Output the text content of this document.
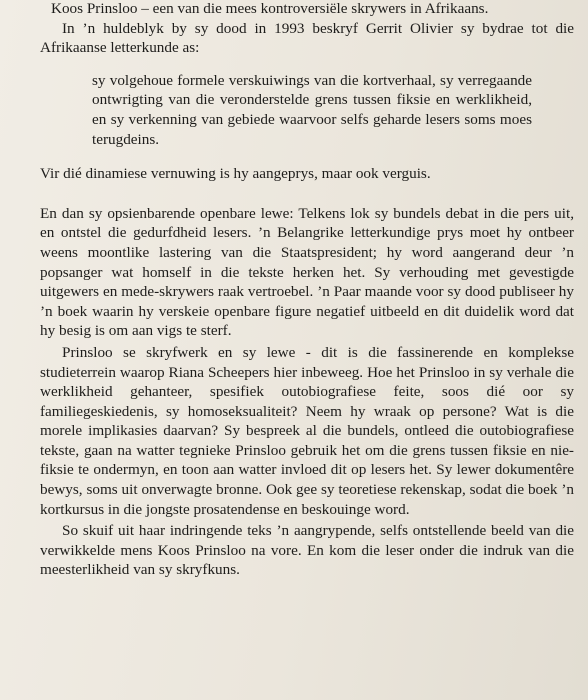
Koos Prinsloo – een van die mees kontroversiële skrywers in Afrikaans.

In ’n huldeblyk by sy dood in 1993 beskryf Gerrit Olivier sy bydrae tot die Afrikaanse letterkunde as:

sy volgehoue formele verskuiwings van die kortverhaal, sy verregaande ontwrigting van die veronderstelde grens tussen fiksie en werklikheid, en sy verkenning van gebiede waarvoor selfs geharde lesers soms moes terugdeins.

Vir dié dinamiese vernuwing is hy aangeprys, maar ook verguis.

En dan sy opsienbarende openbare lewe: Telkens lok sy bundels debat in die pers uit, en ontstel die gedurfdheid lesers. ’n Belangrike letterkundige prys moet hy ontbeer weens moontlike lastering van die Staatspresident; hy word aangerand deur ’n popsanger wat homself in die tekste herken het. Sy verhouding met gevestigde uitgewers en mede-skrywers raak vertroebel. ’n Paar maande voor sy dood publiseer hy ’n boek waarin hy verskeie openbare figure negatief uitbeeld en dit duidelik word dat hy besig is om aan vigs te sterf.

Prinsloo se skryfwerk en sy lewe - dit is die fassinerende en komplekse studieterrein waarop Riana Scheepers hier inbeweeg. Hoe het Prinsloo in sy verhale die werklikheid gehanteer, spesifiek outobiografiese feite, soos dié oor sy familiegeskiedenis, sy homoseksualiteit? Neem hy wraak op persone? Wat is die morele implikasies daarvan? Sy bespreek al die bundels, ontleed die outobiografiese tekste, gaan na watter tegnieke Prinsloo gebruik het om die grens tussen fiksie en nie-fiksie te ondermyn, en toon aan watter invloed dit op lesers het. Sy lewer dokumentêre bewys, soms uit onverwagte bronne. Ook gee sy teoretiese rekenskap, sodat die boek ’n kortkursus in die jongste prosatendense en beskouinge word.

So skuif uit haar indringende teks ’n aangrypende, selfs ontstellende beeld van die verwikkelde mens Koos Prinsloo na vore. En kom die leser onder die indruk van die meesterlikheid van sy skryfkuns.
